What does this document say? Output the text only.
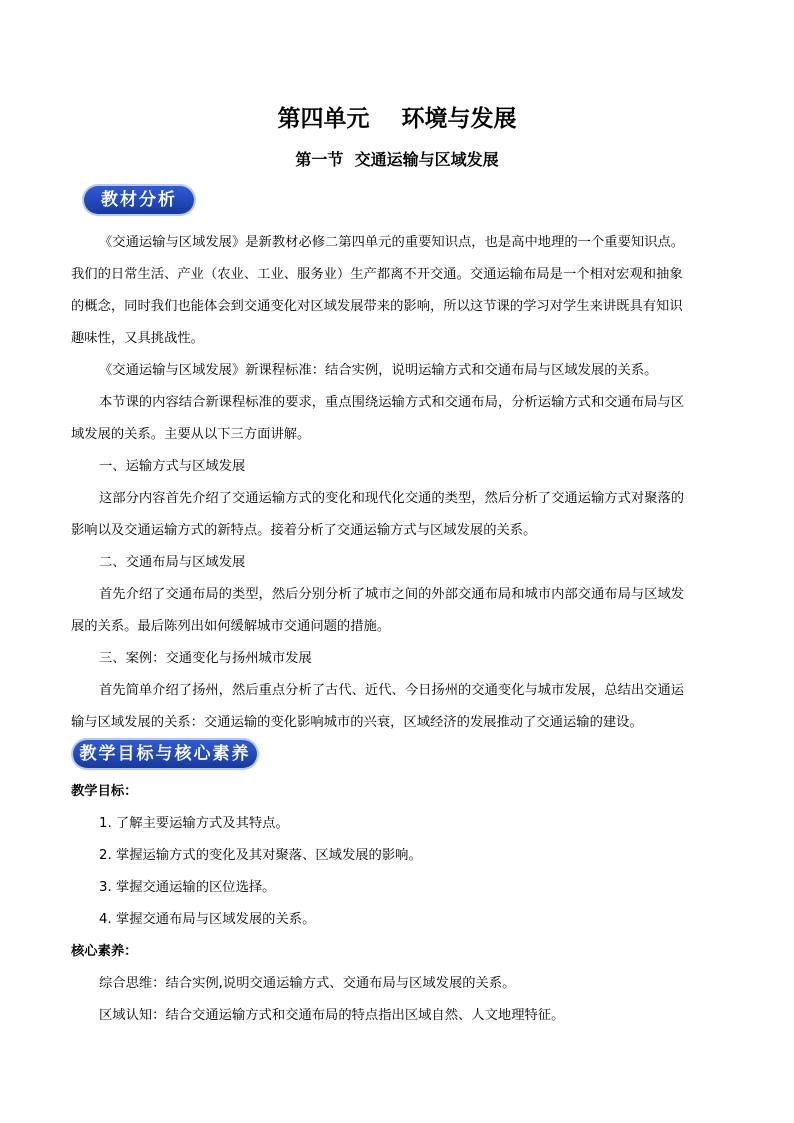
第四单元    环境与发展
第一节  交通运输与区域发展
教材分析
《交通运输与区域发展》是新教材必修二第四单元的重要知识点，也是高中地理的一个重要知识点。
我们的日常生活、产业（农业、工业、服务业）生产都离不开交通。交通运输布局是一个相对宏观和抽象
的概念，同时我们也能体会到交通变化对区域发展带来的影响，所以这节课的学习对学生来讲既具有知识
趣味性，又具挑战性。
《交通运输与区域发展》新课程标准：结合实例，说明运输方式和交通布局与区域发展的关系。
本节课的内容结合新课程标准的要求，重点围绕运输方式和交通布局，分析运输方式和交通布局与区
域发展的关系。主要从以下三方面讲解。
一、运输方式与区域发展
这部分内容首先介绍了交通运输方式的变化和现代化交通的类型，然后分析了交通运输方式对聚落的
影响以及交通运输方式的新特点。接着分析了交通运输方式与区域发展的关系。
二、交通布局与区域发展
首先介绍了交通布局的类型，然后分别分析了城市之间的外部交通布局和城市内部交通布局与区域发
展的关系。最后陈列出如何缓解城市交通问题的措施。
三、案例：交通变化与扬州城市发展
首先简单介绍了扬州，然后重点分析了古代、近代、今日扬州的交通变化与城市发展，总结出交通运
输与区域发展的关系：交通运输的变化影响城市的兴衰，区域经济的发展推动了交通运输的建设。
教学目标与核心素养
教学目标：
1. 了解主要运输方式及其特点。
2. 掌握运输方式的变化及其对聚落、区域发展的影响。
3. 掌握交通运输的区位选择。
4. 掌握交通布局与区域发展的关系。
核心素养：
综合思维：结合实例,说明交通运输方式、交通布局与区域发展的关系。
区域认知：结合交通运输方式和交通布局的特点指出区域自然、人文地理特征。
